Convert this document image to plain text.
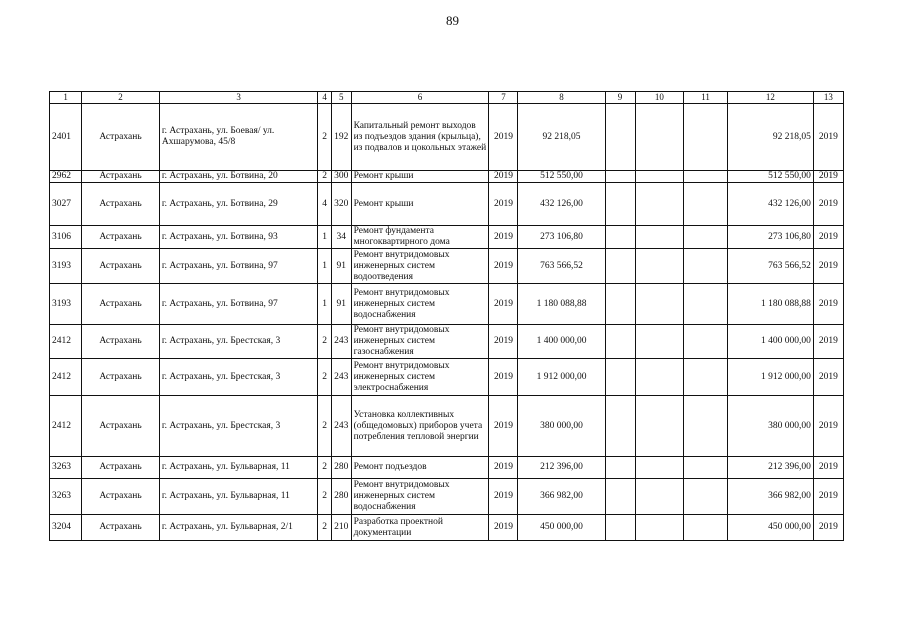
89
1	2	3	4	5	6	7	8	9	10	11	12	13
2401	Астрахань	г. Астрахань, ул. Боевая/ ул. Ахшарумова, 45/8	2	192	Капитальный ремонт выходов из подъездов здания (крыльца), из подвалов и цокольных этажей	2019	92 218,05				92 218,05	2019
2962	Астрахань	г. Астрахань, ул. Ботвина, 20	2	300	Ремонт крыши	2019	512 550,00				512 550,00	2019
3027	Астрахань	г. Астрахань, ул. Ботвина, 29	4	320	Ремонт крыши	2019	432 126,00				432 126,00	2019
3106	Астрахань	г. Астрахань, ул. Ботвина, 93	1	34	Ремонт фундамента многоквартирного дома	2019	273 106,80				273 106,80	2019
3193	Астрахань	г. Астрахань, ул. Ботвина, 97	1	91	Ремонт внутридомовых инженерных систем водоотведения	2019	763 566,52				763 566,52	2019
3193	Астрахань	г. Астрахань, ул. Ботвина, 97	1	91	Ремонт внутридомовых инженерных систем водоснабжения	2019	1 180 088,88				1 180 088,88	2019
2412	Астрахань	г. Астрахань, ул. Брестская, 3	2	243	Ремонт внутридомовых инженерных систем газоснабжения	2019	1 400 000,00				1 400 000,00	2019
2412	Астрахань	г. Астрахань, ул. Брестская, 3	2	243	Ремонт внутридомовых инженерных систем электроснабжения	2019	1 912 000,00				1 912 000,00	2019
2412	Астрахань	г. Астрахань, ул. Брестская, 3	2	243	Установка коллективных (общедомовых) приборов учета потребления тепловой энергии	2019	380 000,00				380 000,00	2019
3263	Астрахань	г. Астрахань, ул. Бульварная, 11	2	280	Ремонт подъездов	2019	212 396,00				212 396,00	2019
3263	Астрахань	г. Астрахань, ул. Бульварная, 11	2	280	Ремонт внутридомовых инженерных систем водоснабжения	2019	366 982,00				366 982,00	2019
3204	Астрахань	г. Астрахань, ул. Бульварная, 2/1	2	210	Разработка проектной документации	2019	450 000,00				450 000,00	2019
